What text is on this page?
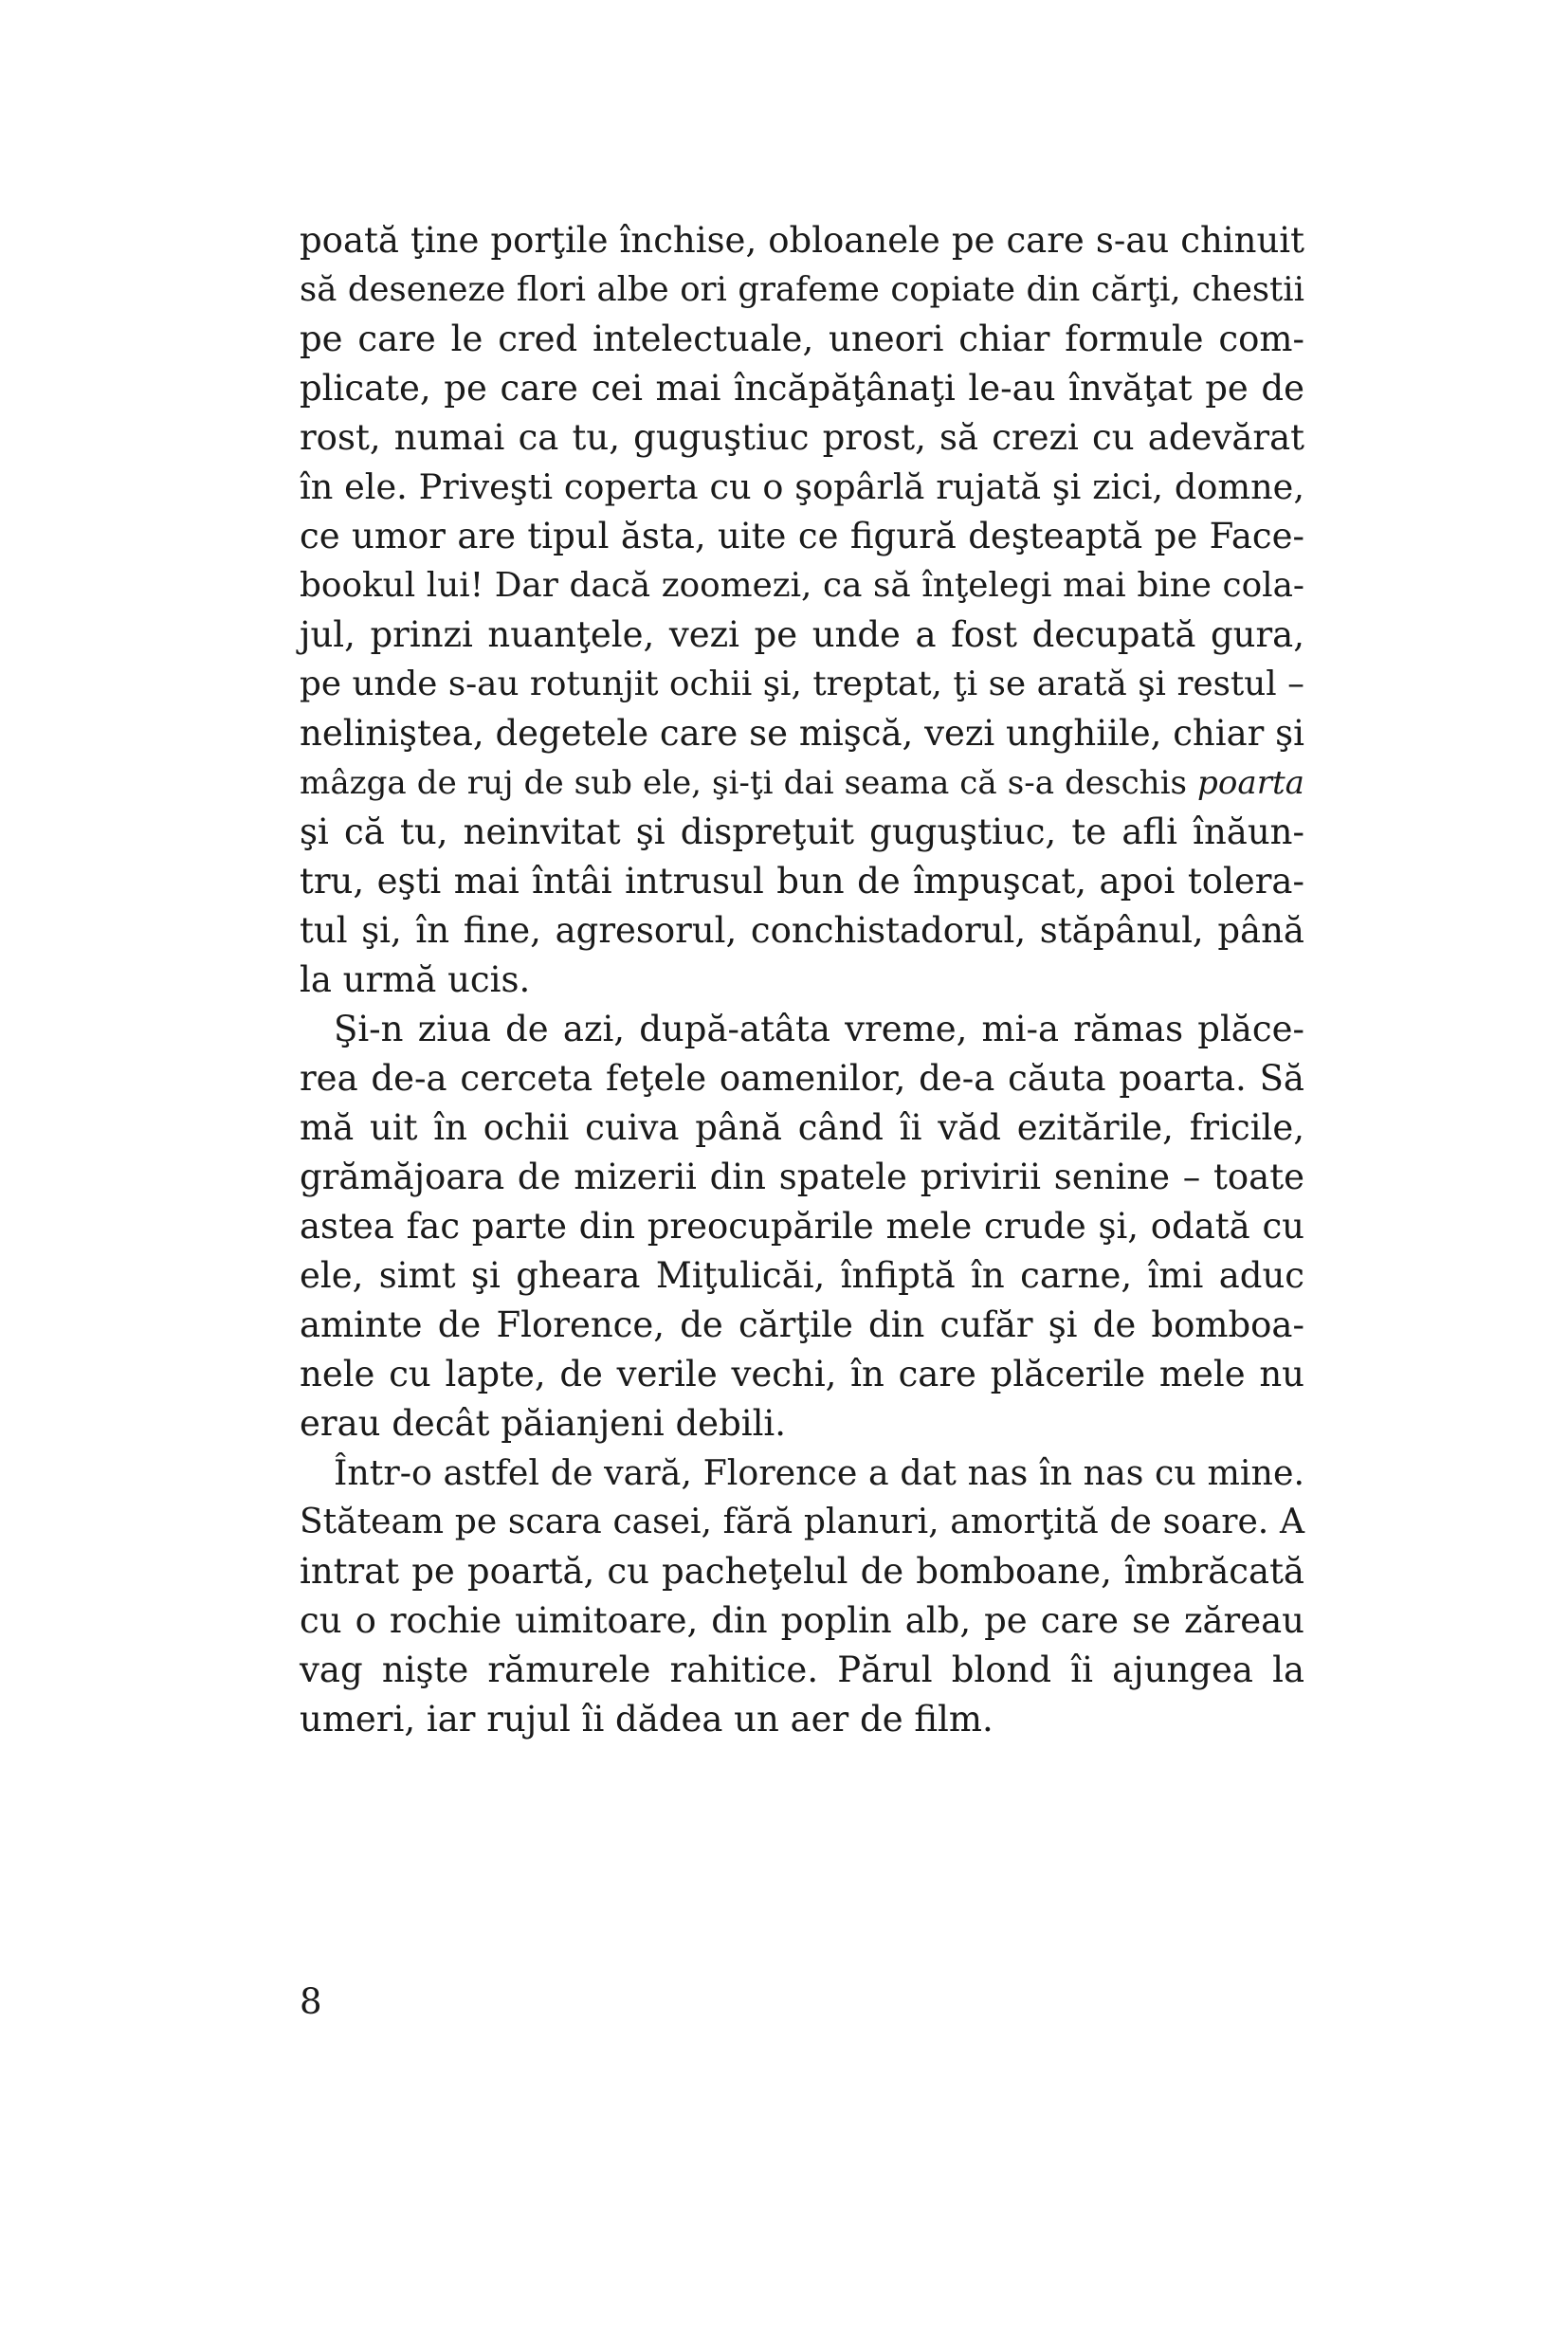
poată ţine porţile închise, obloanele pe care s-au chinuit
să deseneze flori albe ori grafeme copiate din cărţi, chestii
pe care le cred intelectuale, uneori chiar formule com-
plicate, pe care cei mai încăpăţânaţi le-au învăţat pe de
rost, numai ca tu, guguştiuc prost, să crezi cu adevărat
în ele. Priveşti coperta cu o şopârlă rujată şi zici, domne,
ce umor are tipul ăsta, uite ce figură deşteaptă pe Face-
bookul lui! Dar dacă zoomezi, ca să înţelegi mai bine cola-
jul, prinzi nuanţele, vezi pe unde a fost decupată gura,
pe unde s-au rotunjit ochii şi, treptat, ţi se arată şi restul –
neliniştea, degetele care se mişcă, vezi unghiile, chiar şi
mâzga de ruj de sub ele, şi-ţi dai seama că s-a deschis poarta
şi că tu, neinvitat şi dispreţuit guguştiuc, te afli înăun-
tru, eşti mai întâi intrusul bun de împuşcat, apoi tolera-
tul şi, în fine, agresorul, conchistadorul, stăpânul, până
la urmă ucis.
Şi-n ziua de azi, după-atâta vreme, mi-a rămas plăce-
rea de-a cerceta feţele oamenilor, de-a căuta poarta. Să
mă uit în ochii cuiva până când îi văd ezitările, fricile,
grămăjoara de mizerii din spatele privirii senine – toate
astea fac parte din preocupările mele crude şi, odată cu
ele, simt şi gheara Miţulicăi, înfiptă în carne, îmi aduc
aminte de Florence, de cărţile din cufăr şi de bomboa-
nele cu lapte, de verile vechi, în care plăcerile mele nu
erau decât păianjeni debili.
Într-o astfel de vară, Florence a dat nas în nas cu mine.
Stăteam pe scara casei, fără planuri, amorţită de soare. A
intrat pe poartă, cu pacheţelul de bomboane, îmbrăcată
cu o rochie uimitoare, din poplin alb, pe care se zăreau
vag nişte rămurele rahitice. Părul blond îi ajungea la
umeri, iar rujul îi dădea un aer de film.
8
